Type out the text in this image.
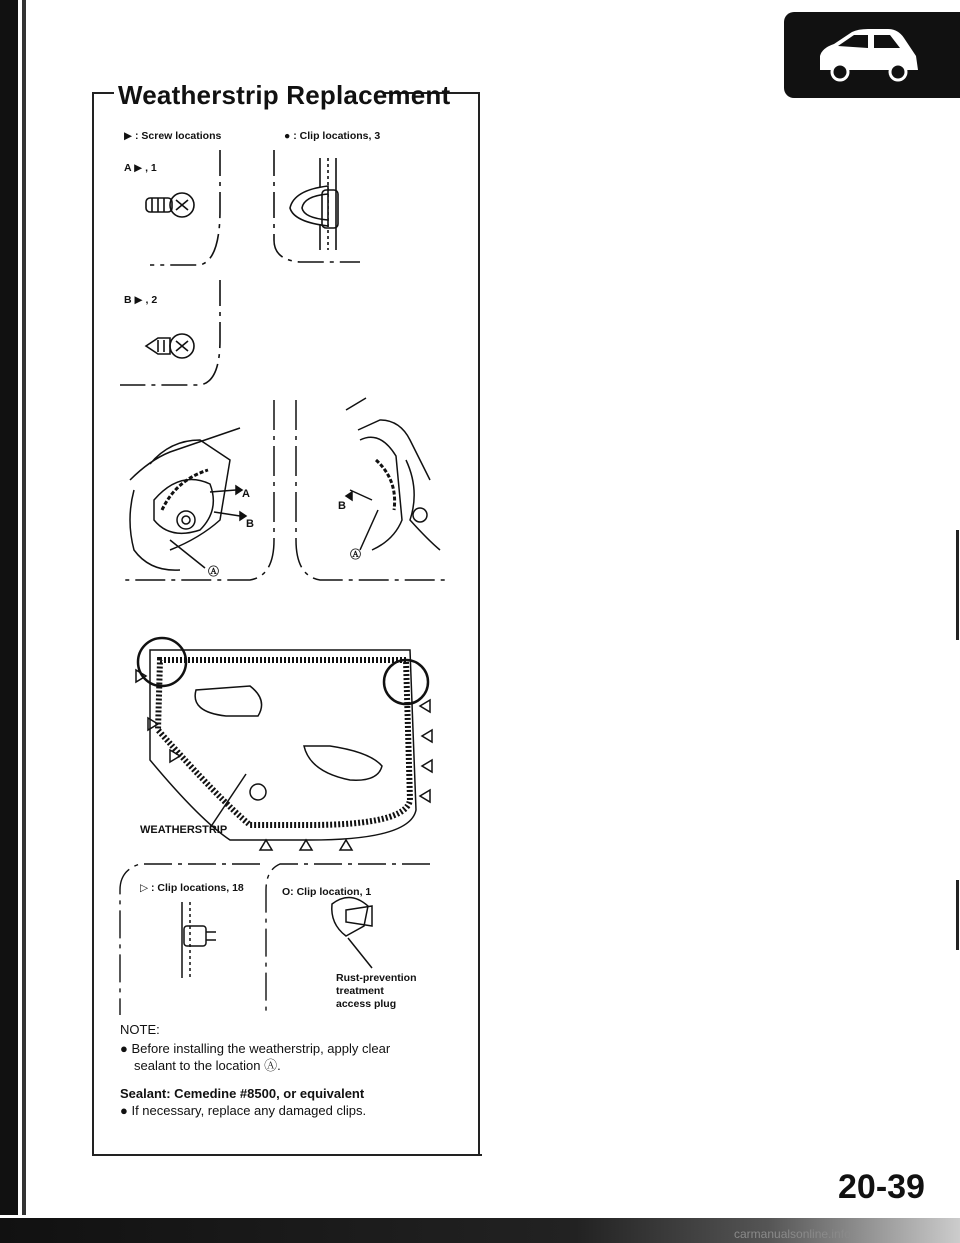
Weatherstrip Replacement
▶ : Screw locations	● : Clip locations, 3
A ▶ , 1
B ▶ , 2
A
B
Ⓐ
B
Ⓐ
WEATHERSTRIP
▷ : Clip locations, 18	O: Clip location, 1
Rust-prevention
treatment
access plug
NOTE:
● Before installing the weatherstrip, apply clear
sealant to the location Ⓐ.
Sealant: Cemedine #8500, or equivalent
● If necessary, replace any damaged clips.
20-39
carmanualsonline.info
